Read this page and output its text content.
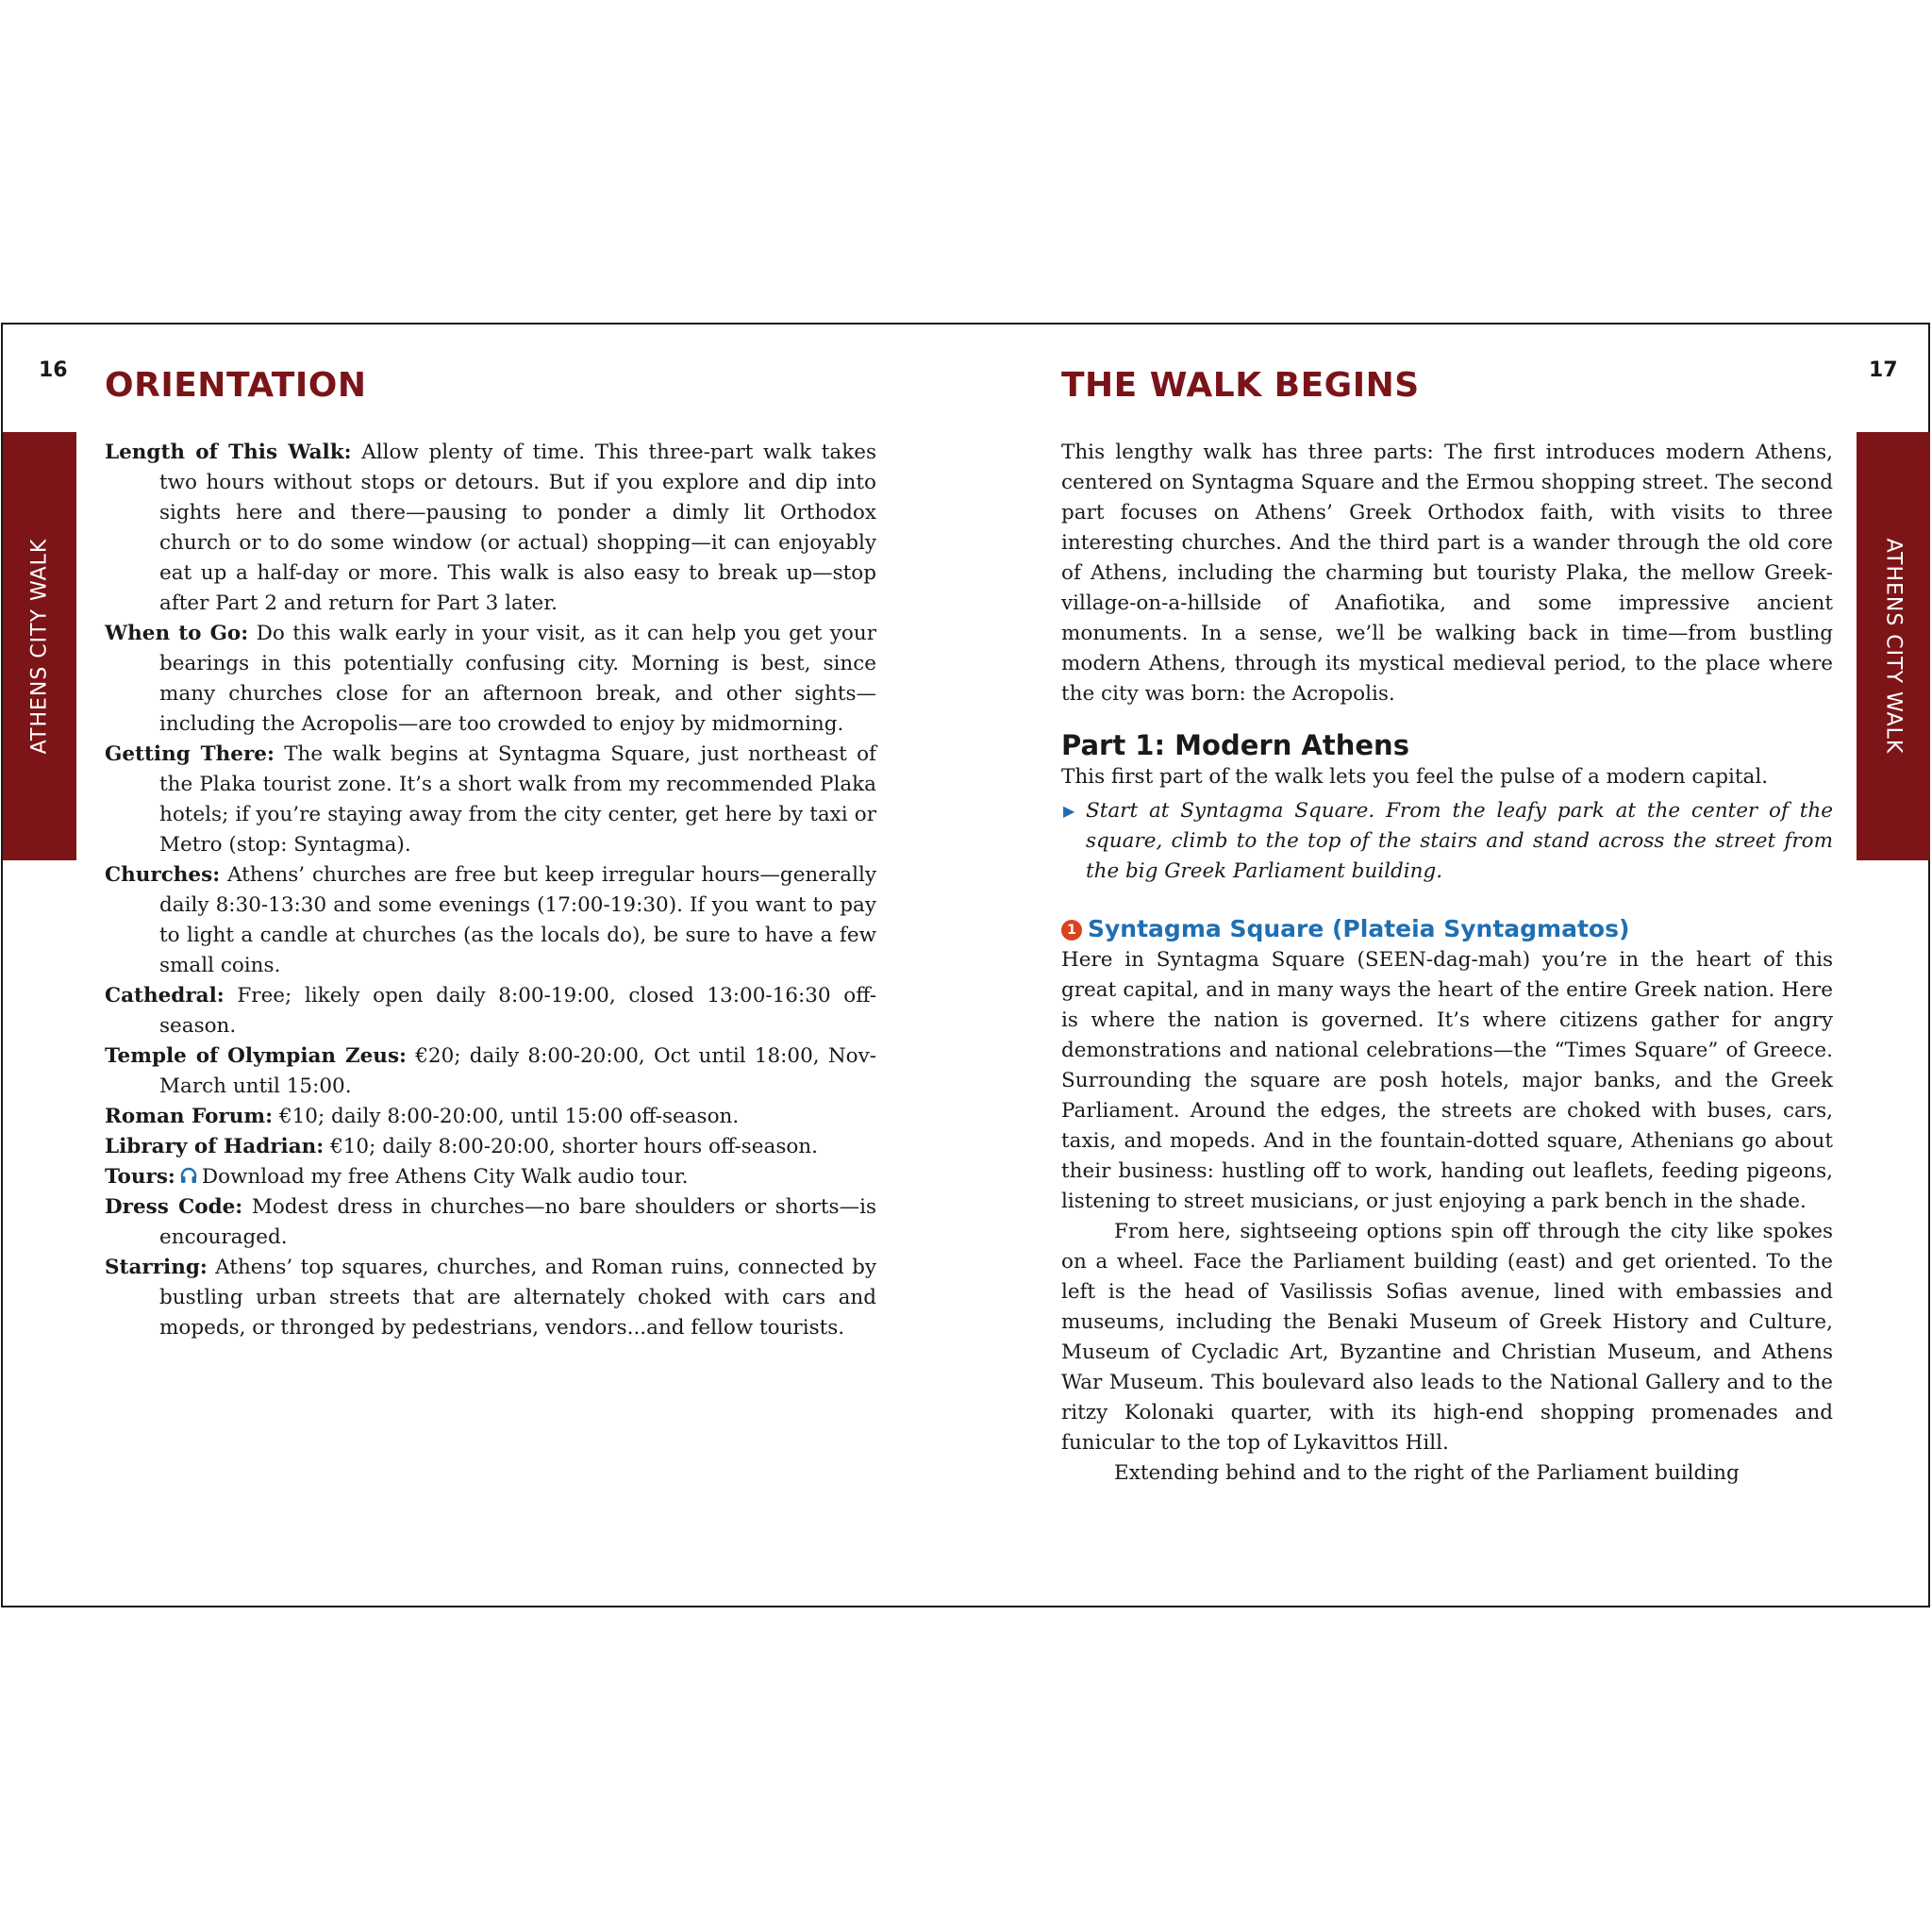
16 ORIENTATION
ATHENS CITY WALK

Length of This Walk: Allow plenty of time. This three-part walk takes two hours without stops or detours. But if you explore and dip into sights here and there—pausing to ponder a dimly lit Orthodox church or to do some window (or actual) shopping—it can enjoyably eat up a half-day or more. This walk is also easy to break up—stop after Part 2 and return for Part 3 later.

When to Go: Do this walk early in your visit, as it can help you get your bearings in this potentially confusing city. Morning is best, since many churches close for an afternoon break, and other sights—including the Acropolis—are too crowded to enjoy by midmorning.

Getting There: The walk begins at Syntagma Square, just northeast of the Plaka tourist zone. It’s a short walk from my recommended Plaka hotels; if you’re staying away from the city center, get here by taxi or Metro (stop: Syntagma).

Churches: Athens’ churches are free but keep irregular hours—generally daily 8:30-13:30 and some evenings (17:00-19:30). If you want to pay to light a candle at churches (as the locals do), be sure to have a few small coins.

Cathedral: Free; likely open daily 8:00-19:00, closed 13:00-16:30 off-season.

Temple of Olympian Zeus: €20; daily 8:00-20:00, Oct until 18:00, Nov-March until 15:00.

Roman Forum: €10; daily 8:00-20:00, until 15:00 off-season.

Library of Hadrian: €10; daily 8:00-20:00, shorter hours off-season.

Tours: Download my free Athens City Walk audio tour.

Dress Code: Modest dress in churches—no bare shoulders or shorts—is encouraged.

Starring: Athens’ top squares, churches, and Roman ruins, connected by bustling urban streets that are alternately choked with cars and mopeds, or thronged by pedestrians, vendors...and fellow tourists.

17
THE WALK BEGINS
ATHENS CITY WALK

This lengthy walk has three parts: The first introduces modern Athens, centered on Syntagma Square and the Ermou shopping street. The second part focuses on Athens’ Greek Orthodox faith, with visits to three interesting churches. And the third part is a wander through the old core of Athens, including the charming but touristy Plaka, the mellow Greek-village-on-a-hillside of Anafiotika, and some impressive ancient monuments. In a sense, we’ll be walking back in time—from bustling modern Athens, through its mystical medieval period, to the place where the city was born: the Acropolis.

Part 1: Modern Athens

This first part of the walk lets you feel the pulse of a modern capital.

▶ Start at Syntagma Square. From the leafy park at the center of the square, climb to the top of the stairs and stand across the street from the big Greek Parliament building.

1 Syntagma Square (Plateia Syntagmatos)

Here in Syntagma Square (SEEN-dag-mah) you’re in the heart of this great capital, and in many ways the heart of the entire Greek nation. Here is where the nation is governed. It’s where citizens gather for angry demonstrations and national celebrations—the “Times Square” of Greece. Surrounding the square are posh hotels, major banks, and the Greek Parliament. Around the edges, the streets are choked with buses, cars, taxis, and mopeds. And in the fountain-dotted square, Athenians go about their business: hustling off to work, handing out leaflets, feeding pigeons, listening to street musicians, or just enjoying a park bench in the shade.

From here, sightseeing options spin off through the city like spokes on a wheel. Face the Parliament building (east) and get oriented. To the left is the head of Vasilissis Sofias avenue, lined with embassies and museums, including the Benaki Museum of Greek History and Culture, Museum of Cycladic Art, Byzantine and Christian Museum, and Athens War Museum. This boulevard also leads to the National Gallery and to the ritzy Kolonaki quarter, with its high-end shopping promenades and funicular to the top of Lykavittos Hill.

Extending behind and to the right of the Parliament building
